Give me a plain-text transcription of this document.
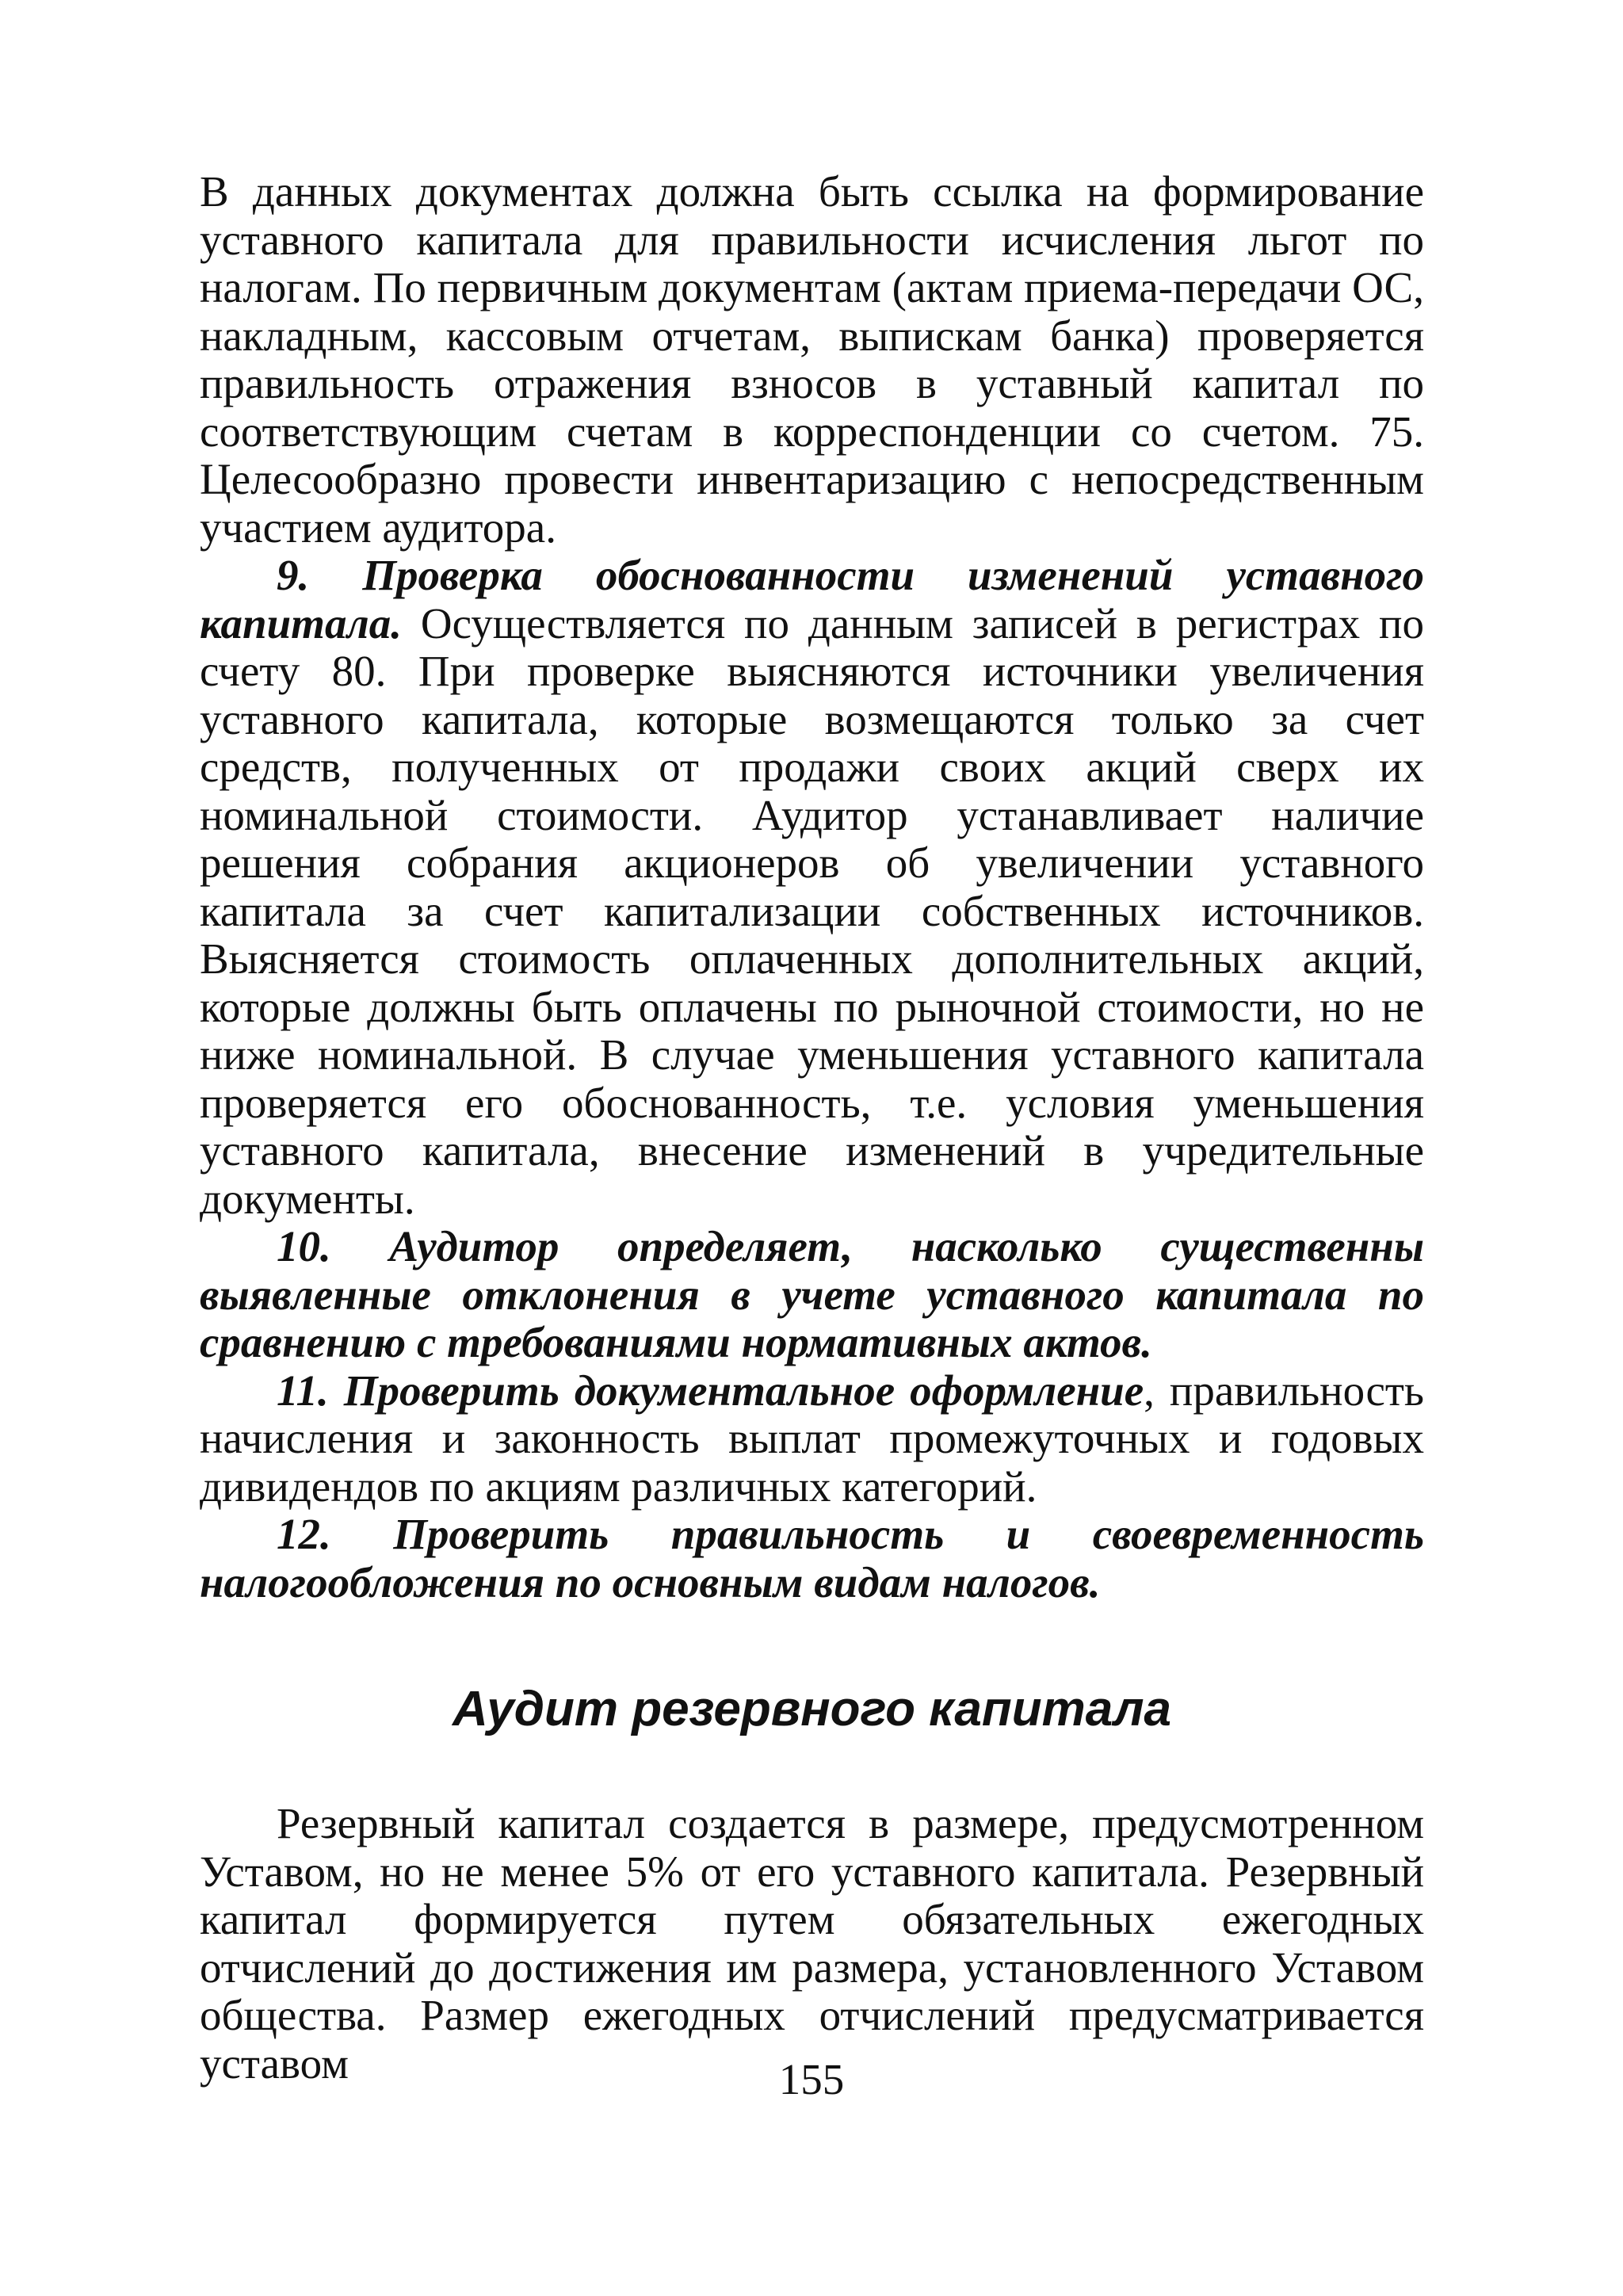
В данных документах должна быть ссылка на формирование уставного капитала для правильности исчисления льгот по налогам. По первичным документам (актам приема-передачи ОС, накладным, кассовым отчетам, выпискам банка) проверяется правильность отражения взносов в уставный капитал по соответствующим счетам в корреспонденции со счетом. 75. Целесообразно провести инвентаризацию с непосредственным участием аудитора.

9. Проверка обоснованности изменений уставного капитала. Осуществляется по данным записей в регистрах по счету 80. При проверке выясняются источники увеличения уставного капитала, которые возмещаются только за счет средств, полученных от продажи своих акций сверх их номинальной стоимости. Аудитор устанавливает наличие решения собрания акционеров об увеличении уставного капитала за счет капитализации собственных источников. Выясняется стоимость оплаченных дополнительных акций, которые должны быть оплачены по рыночной стоимости, но не ниже номинальной. В случае уменьшения уставного капитала проверяется его обоснованность, т.е. условия уменьшения уставного капитала, внесение изменений в учредительные документы.

10. Аудитор определяет, насколько существенны выявленные отклонения в учете уставного капитала по сравнению с требованиями нормативных актов.

11. Проверить документальное оформление, правильность начисления и законность выплат промежуточных и годовых дивидендов по акциям различных категорий.

12. Проверить правильность и своевременность налогообложения по основным видам налогов.

Аудит резервного капитала

Резервный капитал создается в размере, предусмотренном Уставом, но не менее 5% от его уставного капитала. Резервный капитал формируется путем обязательных ежегодных отчислений до достижения им размера, установленного Уставом общества. Размер ежегодных отчислений предусматривается уставом	155
